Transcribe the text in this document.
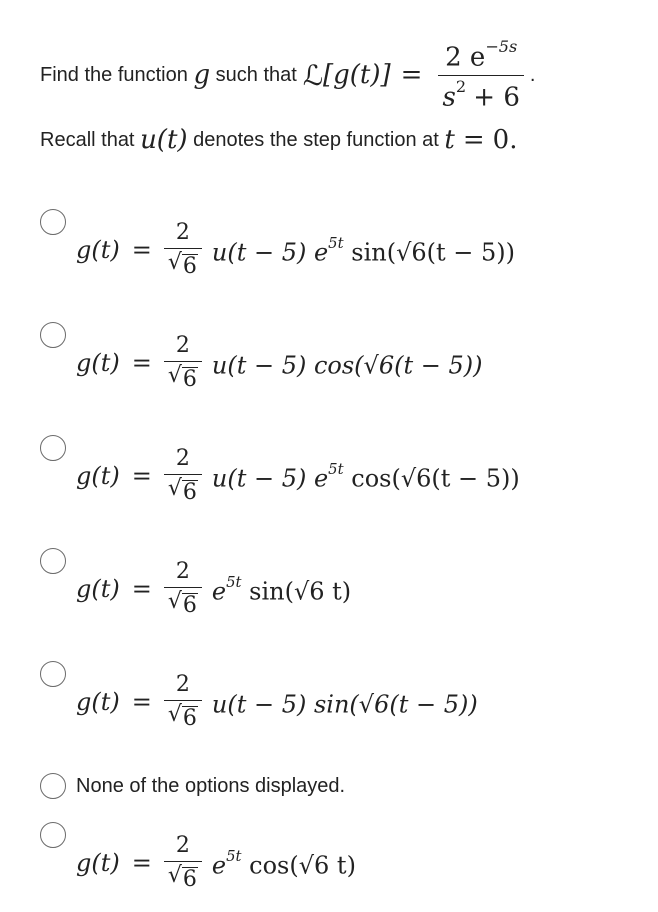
Find the function
g
such that ℒ $[g(t)] = \frac{2 e^{-5s}}{s^2 + 6}$ .
Recall that
u(t)
denotes the step function at
t = 0.
$g(t) = \frac{2}{√ 6} u(t - 5)$ $e^{5t}$ sin(√6(t − 5))
$g(t) = \frac{2}{√ 6} u(t - 5) \cos(√6(t - 5))$
$g(t) = \frac{2}{√ 6} u(t - 5)$ $e^{5t}$ cos(√6(t − 5))
$g(t) = \frac{2}{√ 6} e^{5t}$ sin(√6 t)
$g(t) = \frac{2}{√ 6} u(t - 5) \sin(√6(t - 5))$
None of the options displayed.
$g(t) = \frac{2}{√ 6} e^{5t}$ cos(√6 t)
